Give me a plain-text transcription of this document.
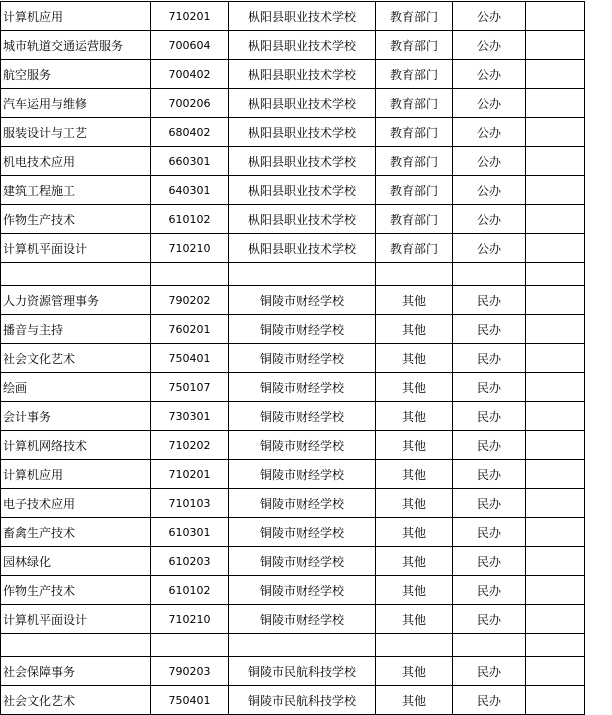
计算机应用	710201	枞阳县职业技术学校	教育部门	公办	
城市轨道交通运营服务	700604	枞阳县职业技术学校	教育部门	公办	
航空服务	700402	枞阳县职业技术学校	教育部门	公办	
汽车运用与维修	700206	枞阳县职业技术学校	教育部门	公办	
服装设计与工艺	680402	枞阳县职业技术学校	教育部门	公办	
机电技术应用	660301	枞阳县职业技术学校	教育部门	公办	
建筑工程施工	640301	枞阳县职业技术学校	教育部门	公办	
作物生产技术	610102	枞阳县职业技术学校	教育部门	公办	
计算机平面设计	710210	枞阳县职业技术学校	教育部门	公办	

人力资源管理事务	790202	铜陵市财经学校	其他	民办	
播音与主持	760201	铜陵市财经学校	其他	民办	
社会文化艺术	750401	铜陵市财经学校	其他	民办	
绘画	750107	铜陵市财经学校	其他	民办	
会计事务	730301	铜陵市财经学校	其他	民办	
计算机网络技术	710202	铜陵市财经学校	其他	民办	
计算机应用	710201	铜陵市财经学校	其他	民办	
电子技术应用	710103	铜陵市财经学校	其他	民办	
畜禽生产技术	610301	铜陵市财经学校	其他	民办	
园林绿化	610203	铜陵市财经学校	其他	民办	
作物生产技术	610102	铜陵市财经学校	其他	民办	
计算机平面设计	710210	铜陵市财经学校	其他	民办	

社会保障事务	790203	铜陵市民航科技学校	其他	民办	
社会文化艺术	750401	铜陵市民航科技学校	其他	民办	
